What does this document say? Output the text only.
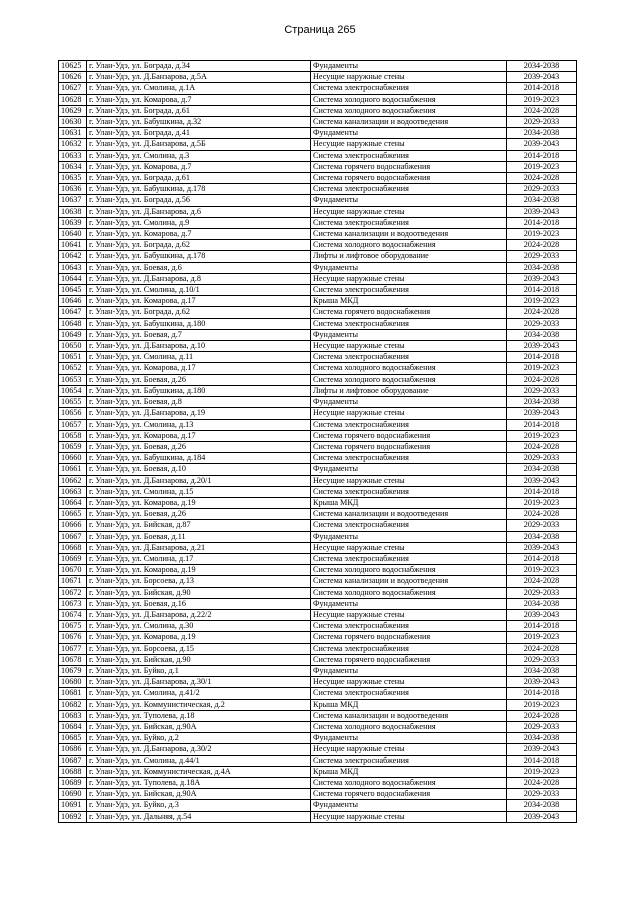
Страница 265
10625	г. Улан-Удэ, ул. Бограда, д.34	Фундаменты	2034-2038
10626	г. Улан-Удэ, ул. Д.Банзарова, д.5А	Несущие наружные стены	2039-2043
10627	г. Улан-Удэ, ул. Смолина, д.1А	Система электроснабжения	2014-2018
10628	г. Улан-Удэ, ул. Комарова, д.7	Система холодного водоснабжения	2019-2023
10629	г. Улан-Удэ, ул. Бограда, д.61	Система холодного водоснабжения	2024-2028
10630	г. Улан-Удэ, ул. Бабушкина, д.32	Система канализации и водоотведения	2029-2033
10631	г. Улан-Удэ, ул. Бограда, д.41	Фундаменты	2034-2038
10632	г. Улан-Удэ, ул. Д.Банзарова, д.5Б	Несущие наружные стены	2039-2043
10633	г. Улан-Удэ, ул. Смолина, д.3	Система электроснабжения	2014-2018
10634	г. Улан-Удэ, ул. Комарова, д.7	Система горячего водоснабжения	2019-2023
10635	г. Улан-Удэ, ул. Бограда, д.61	Система горячего водоснабжения	2024-2028
10636	г. Улан-Удэ, ул. Бабушкина, д.178	Система электроснабжения	2029-2033
10637	г. Улан-Удэ, ул. Бограда, д.56	Фундаменты	2034-2038
10638	г. Улан-Удэ, ул. Д.Банзарова, д.6	Несущие наружные стены	2039-2043
10639	г. Улан-Удэ, ул. Смолина, д.9	Система электроснабжения	2014-2018
10640	г. Улан-Удэ, ул. Комарова, д.7	Система канализации и водоотведения	2019-2023
10641	г. Улан-Удэ, ул. Бограда, д.62	Система холодного водоснабжения	2024-2028
10642	г. Улан-Удэ, ул. Бабушкина, д.178	Лифты и лифтовое оборудование	2029-2033
10643	г. Улан-Удэ, ул. Боевая, д.6	Фундаменты	2034-2038
10644	г. Улан-Удэ, ул. Д.Банзарова, д.8	Несущие наружные стены	2039-2043
10645	г. Улан-Удэ, ул. Смолина, д.10/1	Система электроснабжения	2014-2018
10646	г. Улан-Удэ, ул. Комарова, д.17	Крыша МКД	2019-2023
10647	г. Улан-Удэ, ул. Бограда, д.62	Система горячего водоснабжения	2024-2028
10648	г. Улан-Удэ, ул. Бабушкина, д.180	Система электроснабжения	2029-2033
10649	г. Улан-Удэ, ул. Боевая, д.7	Фундаменты	2034-2038
10650	г. Улан-Удэ, ул. Д.Банзарова, д.10	Несущие наружные стены	2039-2043
10651	г. Улан-Удэ, ул. Смолина, д.11	Система электроснабжения	2014-2018
10652	г. Улан-Удэ, ул. Комарова, д.17	Система холодного водоснабжения	2019-2023
10653	г. Улан-Удэ, ул. Боевая, д.26	Система холодного водоснабжения	2024-2028
10654	г. Улан-Удэ, ул. Бабушкина, д.180	Лифты и лифтовое оборудование	2029-2033
10655	г. Улан-Удэ, ул. Боевая, д.8	Фундаменты	2034-2038
10656	г. Улан-Удэ, ул. Д.Банзарова, д.19	Несущие наружные стены	2039-2043
10657	г. Улан-Удэ, ул. Смолина, д.13	Система электроснабжения	2014-2018
10658	г. Улан-Удэ, ул. Комарова, д.17	Система горячего водоснабжения	2019-2023
10659	г. Улан-Удэ, ул. Боевая, д.26	Система горячего водоснабжения	2024-2028
10660	г. Улан-Удэ, ул. Бабушкина, д.184	Система электроснабжения	2029-2033
10661	г. Улан-Удэ, ул. Боевая, д.10	Фундаменты	2034-2038
10662	г. Улан-Удэ, ул. Д.Банзарова, д.20/1	Несущие наружные стены	2039-2043
10663	г. Улан-Удэ, ул. Смолина, д.15	Система электроснабжения	2014-2018
10664	г. Улан-Удэ, ул. Комарова, д.19	Крыша МКД	2019-2023
10665	г. Улан-Удэ, ул. Боевая, д.26	Система канализации и водоотведения	2024-2028
10666	г. Улан-Удэ, ул. Бийская, д.87	Система электроснабжения	2029-2033
10667	г. Улан-Удэ, ул. Боевая, д.11	Фундаменты	2034-2038
10668	г. Улан-Удэ, ул. Д.Банзарова, д.21	Несущие наружные стены	2039-2043
10669	г. Улан-Удэ, ул. Смолина, д.17	Система электроснабжения	2014-2018
10670	г. Улан-Удэ, ул. Комарова, д.19	Система холодного водоснабжения	2019-2023
10671	г. Улан-Удэ, ул. Борсоева, д.13	Система канализации и водоотведения	2024-2028
10672	г. Улан-Удэ, ул. Бийская, д.90	Система холодного водоснабжения	2029-2033
10673	г. Улан-Удэ, ул. Боевая, д.16	Фундаменты	2034-2038
10674	г. Улан-Удэ, ул. Д.Банзарова, д.22/2	Несущие наружные стены	2039-2043
10675	г. Улан-Удэ, ул. Смолина, д.30	Система электроснабжения	2014-2018
10676	г. Улан-Удэ, ул. Комарова, д.19	Система горячего водоснабжения	2019-2023
10677	г. Улан-Удэ, ул. Борсоева, д.15	Система электроснабжения	2024-2028
10678	г. Улан-Удэ, ул. Бийская, д.90	Система горячего водоснабжения	2029-2033
10679	г. Улан-Удэ, ул. Буйко, д.1	Фундаменты	2034-2038
10680	г. Улан-Удэ, ул. Д.Банзарова, д.30/1	Несущие наружные стены	2039-2043
10681	г. Улан-Удэ, ул. Смолина, д.41/2	Система электроснабжения	2014-2018
10682	г. Улан-Удэ, ул. Коммунистическая, д.2	Крыша МКД	2019-2023
10683	г. Улан-Удэ, ул. Туполева, д.18	Система канализации и водоотведения	2024-2028
10684	г. Улан-Удэ, ул. Бийская, д.90А	Система холодного водоснабжения	2029-2033
10685	г. Улан-Удэ, ул. Буйко, д.2	Фундаменты	2034-2038
10686	г. Улан-Удэ, ул. Д.Банзарова, д.30/2	Несущие наружные стены	2039-2043
10687	г. Улан-Удэ, ул. Смолина, д.44/1	Система электроснабжения	2014-2018
10688	г. Улан-Удэ, ул. Коммунистическая, д.4А	Крыша МКД	2019-2023
10689	г. Улан-Удэ, ул. Туполева, д.18А	Система холодного водоснабжения	2024-2028
10690	г. Улан-Удэ, ул. Бийская, д.90А	Система горячего водоснабжения	2029-2033
10691	г. Улан-Удэ, ул. Буйко, д.3	Фундаменты	2034-2038
10692	г. Улан-Удэ, ул. Дальняя, д.54	Несущие наружные стены	2039-2043
